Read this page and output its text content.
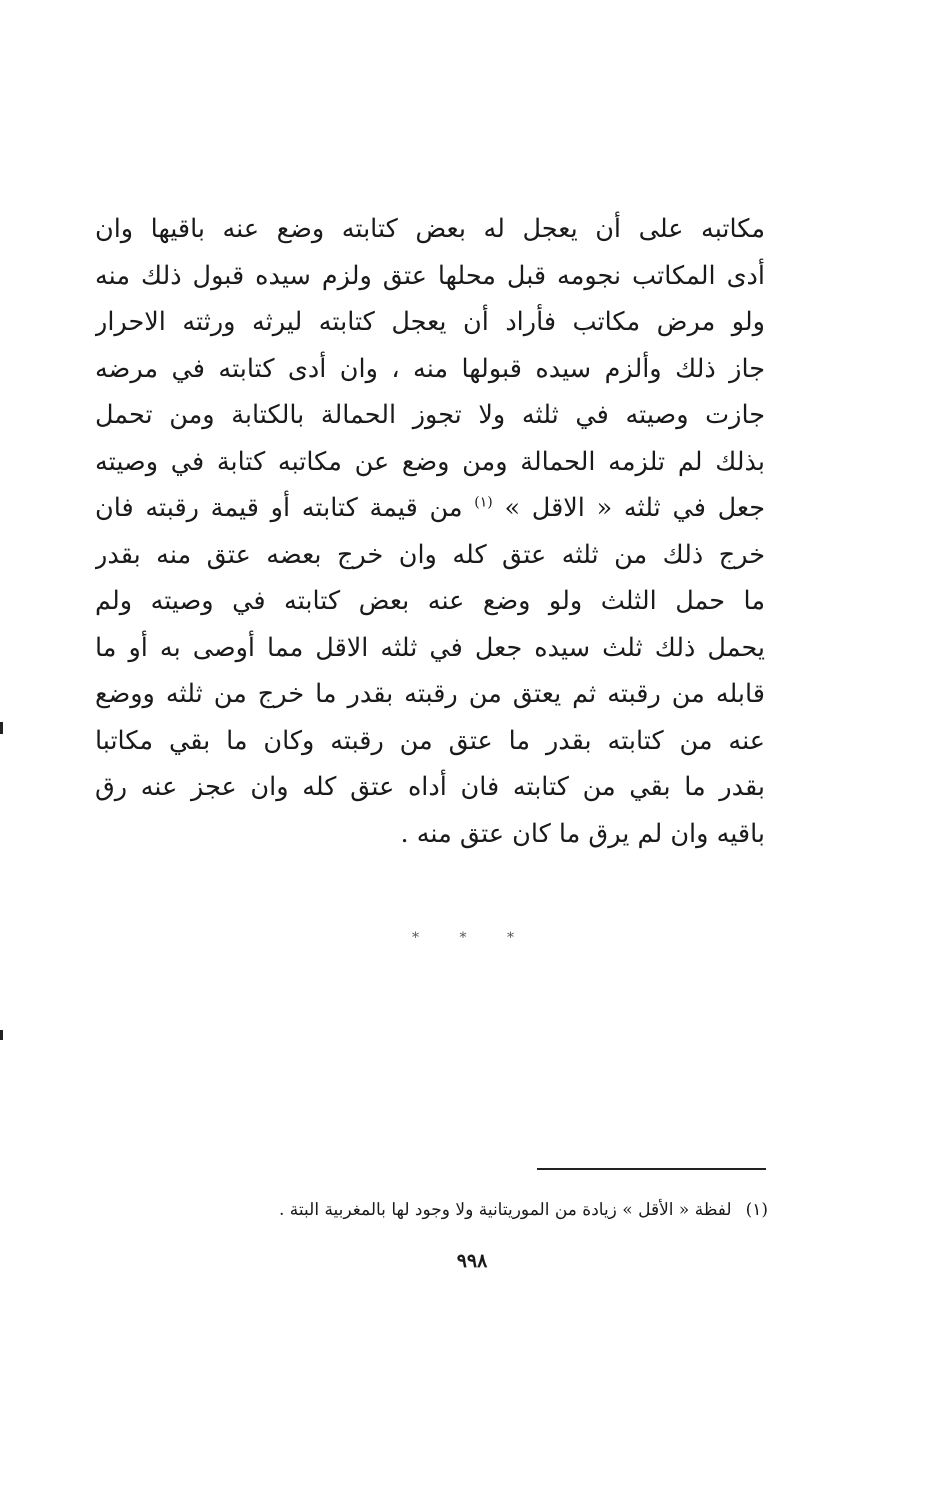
مكاتبه على أن يعجل له بعض كتابته وضع عنه باقيها وان
أدى المكاتب نجومه قبل محلها عتق ولزم سيده قبول ذلك منه
ولو مرض مكاتب فأراد أن يعجل كتابته ليرثه ورثته الاحرار
جاز ذلك وألزم سيده قبولها منه ، وان أدى كتابته في مرضه
جازت وصيته في ثلثه ولا تجوز الحمالة بالكتابة ومن تحمل
بذلك لم تلزمه الحمالة ومن وضع عن مكاتبه كتابة في وصيته
جعل في ثلثه « الاقل » $^{(١)}$ من قيمة كتابته أو قيمة رقبته فان
خرج ذلك من ثلثه عتق كله وان خرج بعضه عتق منه بقدر
ما حمل الثلث ولو وضع عنه بعض كتابته في وصيته ولم
يحمل ذلك ثلث سيده جعل في ثلثه الاقل مما أوصى به أو ما
قابله من رقبته ثم يعتق من رقبته بقدر ما خرج من ثلثه ووضع
عنه من كتابته بقدر ما عتق من رقبته وكان ما بقي مكاتبا
بقدر ما بقي من كتابته فان أداه عتق كله وان عجز عنه رق
باقيه وان لم يرق ما كان عتق منه .
* * *
(١)لفظة « الأقل » زيادة من الموريتانية ولا وجود لها بالمغربية البتة .
٩٩٨
